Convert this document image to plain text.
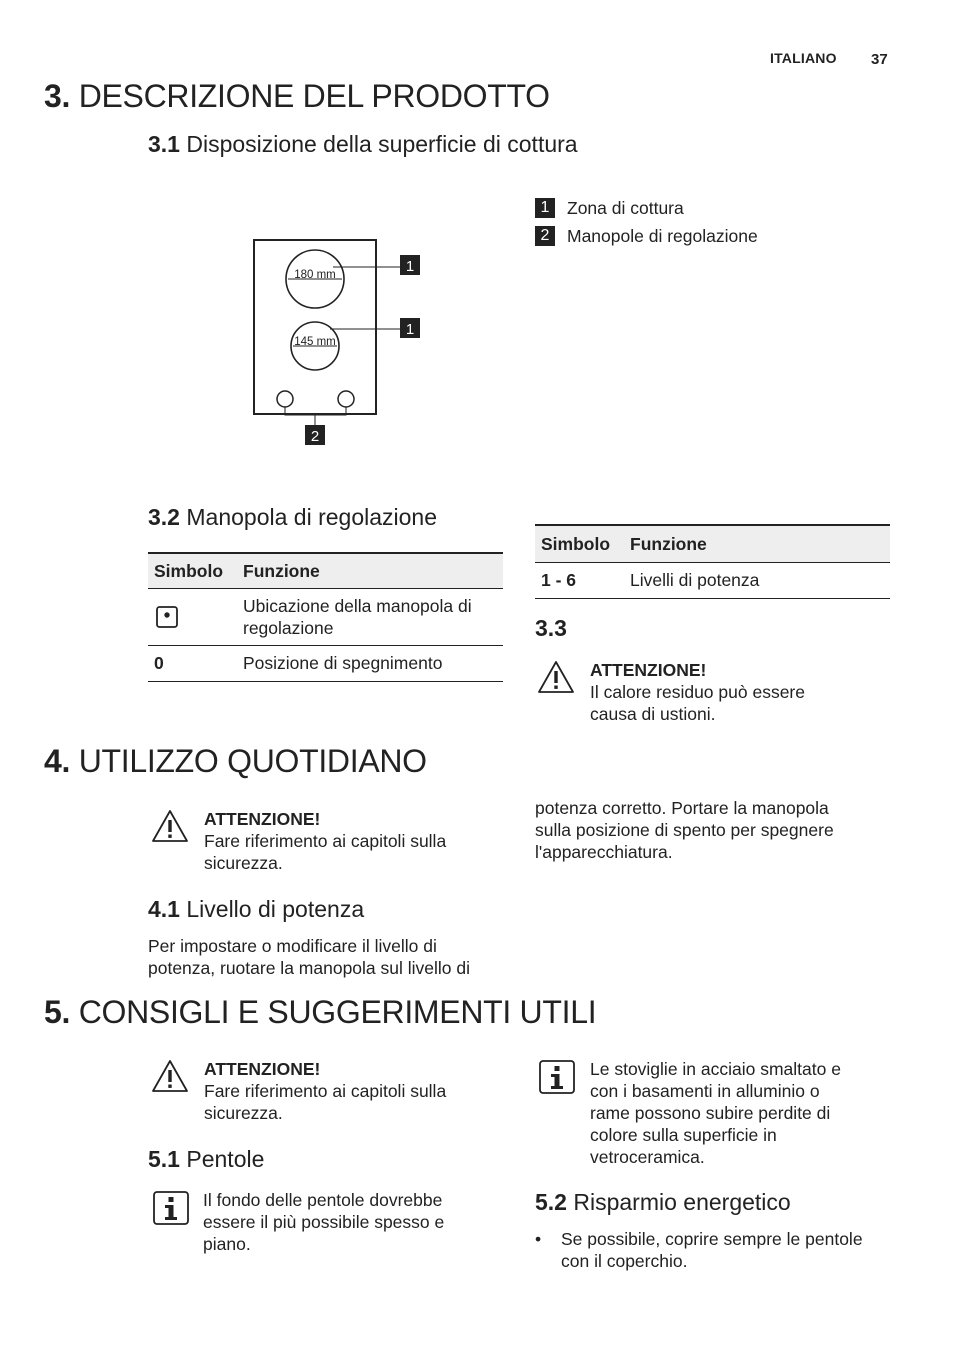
ITALIANO 37
3. DESCRIZIONE DEL PRODOTTO
3.1 Disposizione della superficie di cottura
180 mm	1
145 mm
1
2
1	Zona di cottura
2	Manopole di regolazione
3.2 Manopola di regolazione
Simbolo	Funzione

	Ubicazione della manopola di regolazione
0	Posizione di spegnimento
Simbolo	Funzione
1 - 6	Livelli di potenza
3.3
ATTENZIONE!
Il calore residuo può essere causa di ustioni.
4. UTILIZZO QUOTIDIANO
ATTENZIONE!
Fare riferimento ai capitoli sulla sicurezza.
4.1 Livello di potenza
Per impostare o modificare il livello di potenza, ruotare la manopola sul livello di
potenza corretto. Portare la manopola sulla posizione di spento per spegnere l'apparecchiatura.
5. CONSIGLI E SUGGERIMENTI UTILI
ATTENZIONE!
Fare riferimento ai capitoli sulla sicurezza.
5.1 Pentole
Il fondo delle pentole dovrebbe essere il più possibile spesso e piano.
Le stoviglie in acciaio smaltato e con i basamenti in alluminio o rame possono subire perdite di colore sulla superficie in vetroceramica.
5.2 Risparmio energetico
•	Se possibile, coprire sempre le pentole con il coperchio.
